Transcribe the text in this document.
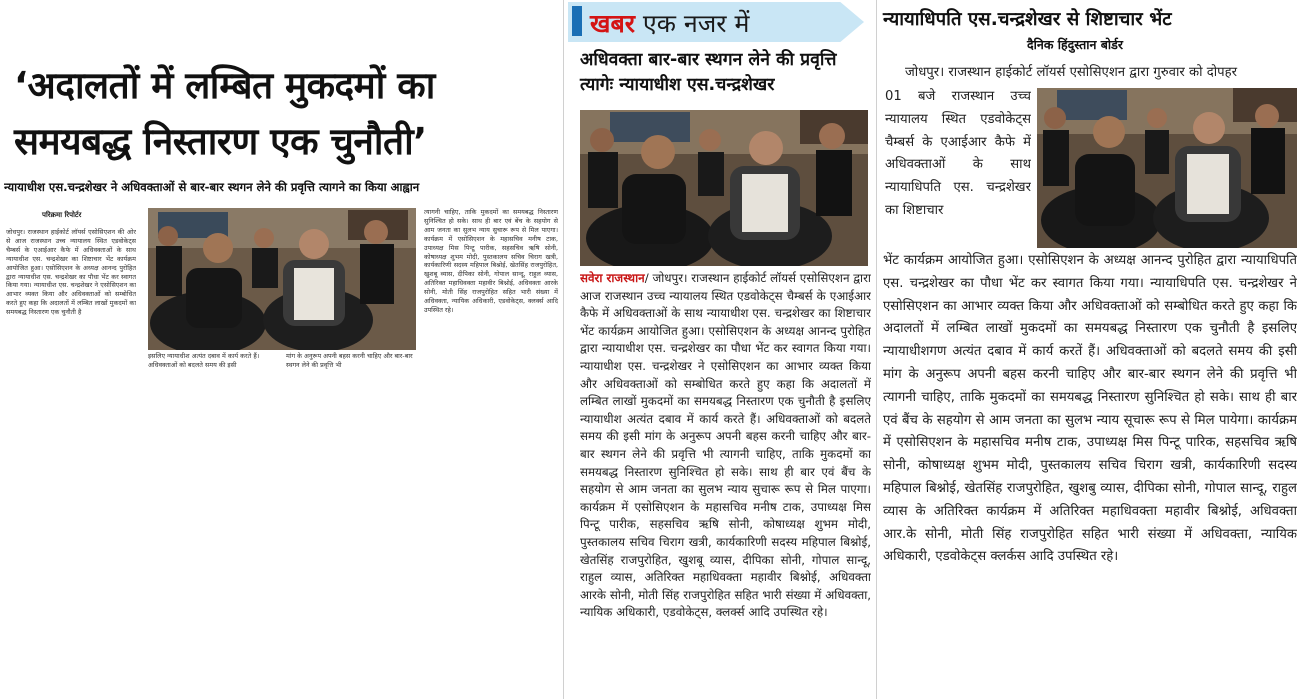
‘अदालतों में लम्बित मुकदमों का समयबद्ध निस्तारण एक चुनौती’
न्यायाधीश एस.चन्द्रशेखर ने अधिवक्ताओं से बार-बार स्थगन लेने की प्रवृत्ति त्यागने का किया आह्वान
परिक्रमा रिपोर्टर
जोधपुर। राजस्थान हाईकोर्ट लॉयर्स एसोसिएशन की ओर से आज राजस्थान उच्च न्यायालय स्थित एडवोकेट्स चैम्बर्स के एआईआर कैफे में अधिवक्ताओं के साथ न्यायाधीश एस. चन्द्रशेखर का शिष्टाचार भेंट कार्यक्रम आयोजित हुआ। एसोसिएशन के अध्यक्ष आनन्द पुरोहित द्वारा न्यायाधीश एस. चन्द्रशेखर का पौधा भेंट कर स्वागत किया गया। न्यायाधीश एस. चन्द्रशेखर ने एसोसिएशन का आभार व्यक्त किया और अधिवक्ताओं को सम्बोधित करते हुए कहा कि अदालतों में लम्बित लाखों मुकदमों का समयबद्ध निस्तारण एक चुनौती है
इसलिए न्यायाधीश अत्यंत दबाव में कार्य करते हैं। अधिवक्ताओं को बदलते समय की इसी
मांग के अनुरूप अपनी बहस करनी चाहिए और बार-बार स्थगन लेने की प्रवृत्ति भी
त्यागनी चाहिए, ताकि मुकदमों का समयबद्ध निस्तारण सुनिश्चित हो सके। साथ ही बार एवं बेंच के सहयोग से आम जनता का सुलभ न्याय सुचारू रूप से मिल पाएगा। कार्यक्रम में एसोसिएशन के महासचिव मनीष टाक, उपाध्यक्ष मिस पिन्टू पारीक, सहसचिव ऋषि सोनी, कोषाध्यक्ष शुभम मोदी, पुस्तकालय सचिव चिराग खत्री, कार्यकारिणी सदस्य महिपाल बिश्नोई, खेतसिंह राजपुरोहित, खुशबू व्यास, दीपिका सोनी, गोपाल सान्दू, राहुल व्यास, अतिरिक्त महाधिवक्ता महावीर बिश्नोई, अधिवक्ता आरके सोनी, मोती सिंह राजपुरोहित सहित भारी संख्या में अधिवक्ता, न्यायिक अधिकारी, एडवोकेट्स, क्लर्क्स आदि उपस्थित रहे।
खबर एक नजर में
अधिवक्ता बार-बार स्थगन लेने की प्रवृत्ति त्यागेः न्यायाधीश एस.चन्द्रशेखर
सवेरा राजस्थान/ जोधपुर। राजस्थान हाईकोर्ट लॉयर्स एसोसिएशन द्वारा आज राजस्थान उच्च न्यायालय स्थित एडवोकेट्स चैम्बर्स के एआईआर कैफे में अधिवक्ताओं के साथ न्यायाधीश एस. चन्द्रशेखर का शिष्टाचार भेंट कार्यक्रम आयोजित हुआ। एसोसिएशन के अध्यक्ष आनन्द पुरोहित द्वारा न्यायाधीश एस. चन्द्रशेखर का पौधा भेंट कर स्वागत किया गया। न्यायाधीश एस. चन्द्रशेखर ने एसोसिएशन का आभार व्यक्त किया और अधिवक्ताओं को सम्बोधित करते हुए कहा कि अदालतों में लम्बित लाखों मुकदमों का समयबद्ध निस्तारण एक चुनौती है इसलिए न्यायाधीश अत्यंत दबाव में कार्य करते हैं। अधिवक्ताओं को बदलते समय की इसी मांग के अनुरूप अपनी बहस करनी चाहिए और बार-बार स्थगन लेने की प्रवृत्ति भी त्यागनी चाहिए, ताकि मुकदमों का समयबद्ध निस्तारण सुनिश्चित हो सके। साथ ही बार एवं बैंच के सहयोग से आम जनता का सुलभ न्याय सुचारू रूप से मिल पाएगा। कार्यक्रम में एसोसिएशन के महासचिव मनीष टाक, उपाध्यक्ष मिस पिन्टू पारीक, सहसचिव ऋषि सोनी, कोषाध्यक्ष शुभम मोदी, पुस्तकालय सचिव चिराग खत्री, कार्यकारिणी सदस्य महिपाल बिश्नोई, खेतसिंह राजपुरोहित, खुशबू व्यास, दीपिका सोनी, गोपाल सान्दू, राहुल व्यास, अतिरिक्त महाधिवक्ता महावीर बिश्नोई, अधिवक्ता आरके सोनी, मोती सिंह राजपुरोहित सहित भारी संख्या में अधिवक्ता, न्यायिक अधिकारी, एडवोकेट्स, क्लर्क्स आदि उपस्थित रहे।
न्यायाधिपति एस.चन्द्रशेखर से शिष्टाचार भेंट
दैनिक हिंदुस्तान बोर्डर
जोधपुर। राजस्थान हाईकोर्ट लॉयर्स एसोसिएशन द्वारा गुरुवार को दोपहर
01 बजे राजस्थान उच्च न्यायालय स्थित एडवोकेट्स चैम्बर्स के एआईआर कैफे में अधिवक्ताओं के साथ न्यायाधिपति एस. चन्द्रशेखर का शिष्टाचार
भेंट कार्यक्रम आयोजित हुआ। एसोसिएशन के अध्यक्ष आनन्द पुरोहित द्वारा न्यायाधिपति एस. चन्द्रशेखर का पौधा भेंट कर स्वागत किया गया। न्यायाधिपति एस. चन्द्रशेखर ने एसोसिएशन का आभार व्यक्त किया और अधिवक्ताओं को सम्बोधित करते हुए कहा कि अदालतों में लम्बित लाखों मुकदमों का समयबद्ध निस्तारण एक चुनौती है इसलिए न्यायाधीशगण अत्यंत दबाव में कार्य करतें हैं। अधिवक्ताओं को बदलते समय की इसी मांग के अनुरूप अपनी बहस करनी चाहिए और बार-बार स्थगन लेने की प्रवृत्ति भी त्यागनी चाहिए, ताकि मुकदमों का समयबद्ध निस्तारण सुनिश्चित हो सके। साथ ही बार एवं बैंच के सहयोग से आम जनता का सुलभ न्याय सूचारू रूप से मिल पायेगा। कार्यक्रम में एसोसिएशन के महासचिव मनीष टाक, उपाध्यक्ष मिस पिन्टू पारिक, सहसचिव ऋषि सोनी, कोषाध्यक्ष शुभम मोदी, पुस्तकालय सचिव चिराग खत्री, कार्यकारिणी सदस्य महिपाल बिश्नोई, खेतसिंह राजपुरोहित, खुशबु व्यास, दीपिका सोनी, गोपाल सान्दू, राहुल व्यास के अतिरिक्त कार्यक्रम में अतिरिक्त महाधिवक्ता महावीर बिश्नोई, अधिवक्ता आर.के सोनी, मोती सिंह राजपुरोहित सहित भारी संख्या में अधिवक्ता, न्यायिक अधिकारी, एडवोकेट्स क्लर्कस आदि उपस्थित रहे।
